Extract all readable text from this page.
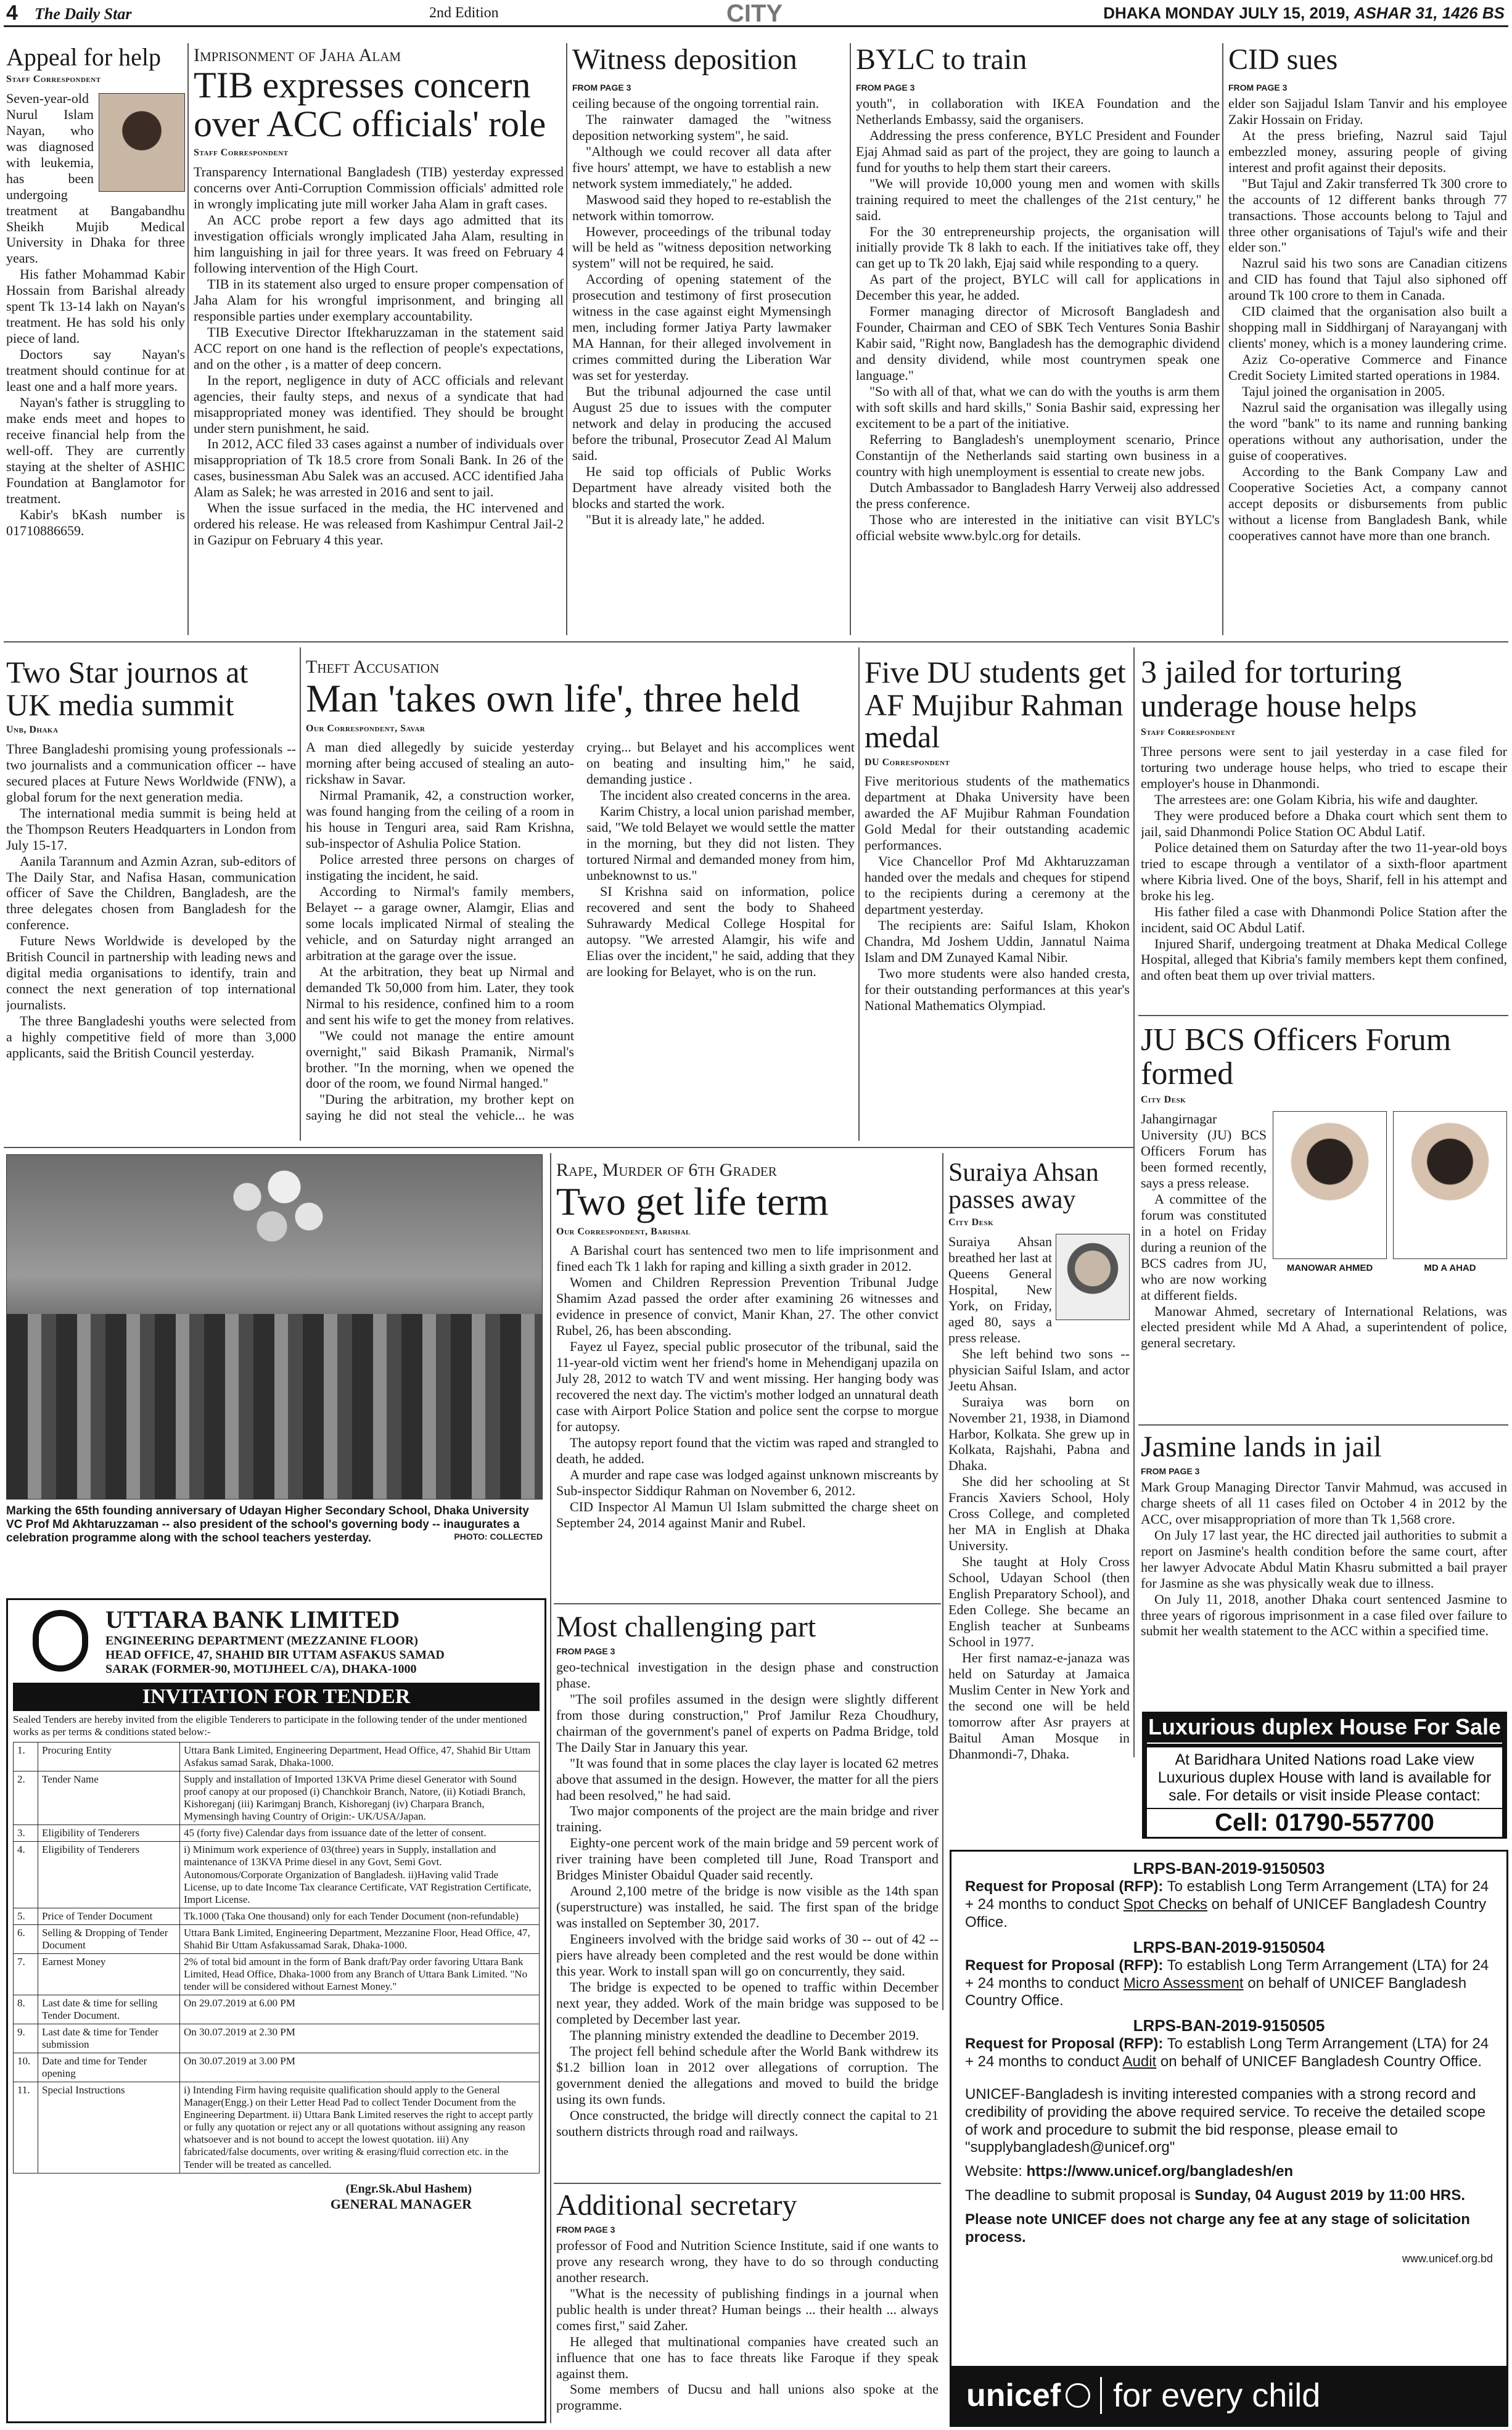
4 The Daily Star	2nd Edition	CITY	DHAKA MONDAY JULY 15, 2019, ASHAR 31, 1426 BS
Appeal for help
Staff Correspondent

Seven-year-old Nurul Islam Nayan, who was diagnosed with leukemia, has been undergoing treatment at Bangabandhu Sheikh Mujib Medical University in Dhaka for three years.

His father Mohammad Kabir Hossain from Barishal already spent Tk 13-14 lakh on Nayan's treatment. He has sold his only piece of land.

Doctors say Nayan's treatment should continue for at least one and a half more years.

Nayan's father is struggling to make ends meet and hopes to receive financial help from the well-off. They are currently staying at the shelter of ASHIC Foundation at Banglamotor for treatment.

Kabir's bKash number is 01710886659.

Imprisonment of Jaha Alam
TIB expresses concern over ACC officials' role
Staff Correspondent

Transparency International Bangladesh (TIB) yesterday expressed concerns over Anti-Corruption Commission officials' admitted role in wrongly implicating jute mill worker Jaha Alam in graft cases.

An ACC probe report a few days ago admitted that its investigation officials wrongly implicated Jaha Alam, resulting in him languishing in jail for three years. It was freed on February 4 following intervention of the High Court.

TIB in its statement also urged to ensure proper compensation of Jaha Alam for his wrongful imprisonment, and bringing all responsible parties under exemplary accountability.

TIB Executive Director Iftekharuzzaman in the statement said ACC report on one hand is the reflection of people's expectations, and on the other , is a matter of deep concern.

In the report, negligence in duty of ACC officials and relevant agencies, their faulty steps, and nexus of a syndicate that had misappropriated money was identified. They should be brought under stern punishment, he said.

In 2012, ACC filed 33 cases against a number of individuals over misappropriation of Tk 18.5 crore from Sonali Bank. In 26 of the cases, businessman Abu Salek was an accused. ACC identified Jaha Alam as Salek; he was arrested in 2016 and sent to jail.

When the issue surfaced in the media, the HC intervened and ordered his release. He was released from Kashimpur Central Jail-2 in Gazipur on February 4 this year.

Witness deposition
FROM PAGE 3

ceiling because of the ongoing torrential rain.

The rainwater damaged the "witness deposition networking system", he said.

"Although we could recover all data after five hours' attempt, we have to establish a new network system immediately," he added.

Maswood said they hoped to re-establish the network within tomorrow.

However, proceedings of the tribunal today will be held as "witness deposition networking system" will not be required, he said.

According of opening statement of the prosecution and testimony of first prosecution witness in the case against eight Mymensingh men, including former Jatiya Party lawmaker MA Hannan, for their alleged involvement in crimes committed during the Liberation War was set for yesterday.

But the tribunal adjourned the case until August 25 due to issues with the computer network and delay in producing the accused before the tribunal, Prosecutor Zead Al Malum said.

He said top officials of Public Works Department have already visited both the blocks and started the work.

"But it is already late," he added.

BYLC to train
FROM PAGE 3

youth", in collaboration with IKEA Foundation and the Netherlands Embassy, said the organisers.

Addressing the press conference, BYLC President and Founder Ejaj Ahmad said as part of the project, they are going to launch a fund for youths to help them start their careers.

"We will provide 10,000 young men and women with skills training required to meet the challenges of the 21st century," he said.

For the 30 entrepreneurship projects, the organisation will initially provide Tk 8 lakh to each. If the initiatives take off, they can get up to Tk 20 lakh, Ejaj said while responding to a query.

As part of the project, BYLC will call for applications in December this year, he added.

Former managing director of Microsoft Bangladesh and Founder, Chairman and CEO of SBK Tech Ventures Sonia Bashir Kabir said, "Right now, Bangladesh has the demographic dividend and density dividend, while most countrymen speak one language."

"So with all of that, what we can do with the youths is arm them with soft skills and hard skills," Sonia Bashir said, expressing her excitement to be a part of the initiative.

Referring to Bangladesh's unemployment scenario, Prince Constantijn of the Netherlands said starting own business in a country with high unemployment is essential to create new jobs.

Dutch Ambassador to Bangladesh Harry Verweij also addressed the press conference.

Those who are interested in the initiative can visit BYLC's official website www.bylc.org for details.

CID sues
FROM PAGE 3

elder son Sajjadul Islam Tanvir and his employee Zakir Hossain on Friday.

At the press briefing, Nazrul said Tajul embezzled money, assuring people of giving interest and profit against their deposits.

"But Tajul and Zakir transferred Tk 300 crore to the accounts of 12 different banks through 77 transactions. Those accounts belong to Tajul and three other organisations of Tajul's wife and their elder son."

Nazrul said his two sons are Canadian citizens and CID has found that Tajul also siphoned off around Tk 100 crore to them in Canada.

CID claimed that the organisation also built a shopping mall in Siddhirganj of Narayanganj with clients' money, which is a money laundering crime.

Aziz Co-operative Commerce and Finance Credit Society Limited started operations in 1984.

Tajul joined the organisation in 2005.

Nazrul said the organisation was illegally using the word "bank" to its name and running banking operations without any authorisation, under the guise of cooperatives.

According to the Bank Company Law and Cooperative Societies Act, a company cannot accept deposits or disbursements from public without a license from Bangladesh Bank, while cooperatives cannot have more than one branch.

Two Star journos at UK media summit
Unb, Dhaka

Three Bangladeshi promising young professionals -- two journalists and a communication officer -- have secured places at Future News Worldwide (FNW), a global forum for the next generation media.

The international media summit is being held at the Thompson Reuters Headquarters in London from July 15-17.

Aanila Tarannum and Azmin Azran, sub-editors of The Daily Star, and Nafisa Hasan, communication officer of Save the Children, Bangladesh, are the three delegates chosen from Bangladesh for the conference.

Future News Worldwide is developed by the British Council in partnership with leading news and digital media organisations to identify, train and connect the next generation of top international journalists.

The three Bangladeshi youths were selected from a highly competitive field of more than 3,000 applicants, said the British Council yesterday.

Theft Accusation
Man 'takes own life', three held
Our Correspondent, Savar

A man died allegedly by suicide yesterday morning after being accused of stealing an auto-rickshaw in Savar.

Nirmal Pramanik, 42, a construction worker, was found hanging from the ceiling of a room in his house in Tenguri area, said Ram Krishna, sub-inspector of Ashulia Police Station.

Police arrested three persons on charges of instigating the incident, he said.

According to Nirmal's family members, Belayet -- a garage owner, Alamgir, Elias and some locals implicated Nirmal of stealing the vehicle, and on Saturday night arranged an arbitration at the garage over the issue.

At the arbitration, they beat up Nirmal and demanded Tk 50,000 from him. Later, they took Nirmal to his residence, confined him to a room and sent his wife to get the money from relatives.

"We could not manage the entire amount overnight," said Bikash Pramanik, Nirmal's brother. "In the morning, when we opened the door of the room, we found Nirmal hanged."

"During the arbitration, my brother kept on saying he did not steal the vehicle... he was crying... but Belayet and his accomplices went on beating and insulting him," he said, demanding justice .

The incident also created concerns in the area.

Karim Chistry, a local union parishad member, said, "We told Belayet we would settle the matter in the morning, but they did not listen. They tortured Nirmal and demanded money from him, unbeknownst to us."

SI Krishna said on information, police recovered and sent the body to Shaheed Suhrawardy Medical College Hospital for autopsy. "We arrested Alamgir, his wife and Elias over the incident," he said, adding that they are looking for Belayet, who is on the run.

Five DU students get AF Mujibur Rahman medal
DU Correspondent

Five meritorious students of the mathematics department at Dhaka University have been awarded the AF Mujibur Rahman Foundation Gold Medal for their outstanding academic performances.

Vice Chancellor Prof Md Akhtaruzzaman handed over the medals and cheques for stipend to the recipients during a ceremony at the department yesterday.

The recipients are: Saiful Islam, Khokon Chandra, Md Joshem Uddin, Jannatul Naima Islam and DM Zunayed Kamal Nibir.

Two more students were also handed cresta, for their outstanding performances at this year's National Mathematics Olympiad.

3 jailed for torturing underage house helps
Staff Correspondent

Three persons were sent to jail yesterday in a case filed for torturing two underage house helps, who tried to escape their employer's house in Dhanmondi.

The arrestees are: one Golam Kibria, his wife and daughter.

They were produced before a Dhaka court which sent them to jail, said Dhanmondi Police Station OC Abdul Latif.

Police detained them on Saturday after the two 11-year-old boys tried to escape through a ventilator of a sixth-floor apartment where Kibria lived. One of the boys, Sharif, fell in his attempt and broke his leg.

His father filed a case with Dhanmondi Police Station after the incident, said OC Abdul Latif.

Injured Sharif, undergoing treatment at Dhaka Medical College Hospital, alleged that Kibria's family members kept them confined, and often beat them up over trivial matters.

JU BCS Officers Forum formed
City Desk
MANOWAR AHMED	MD A AHAD

Jahangirnagar University (JU) BCS Officers Forum has been formed recently, says a press release.

A committee of the forum was constituted in a hotel on Friday during a reunion of the BCS cadres from JU, who are now working at different fields.

Manowar Ahmed, secretary of International Relations, was elected president while Md A Ahad, a superintendent of police, general secretary.

Marking the 65th founding anniversary of Udayan Higher Secondary School, Dhaka University VC Prof Md Akhtaruzzaman -- also president of the school's governing body -- inaugurates a celebration programme along with the school teachers yesterday.	PHOTO: COLLECTED
UTTARA BANK LIMITED
ENGINEERING DEPARTMENT (MEZZANINE FLOOR)
HEAD OFFICE, 47, SHAHID BIR UTTAM ASFAKUS SAMAD
SARAK (FORMER-90, MOTIJHEEL C/A), DHAKA-1000
INVITATION FOR TENDER
Sealed Tenders are hereby invited from the eligible Tenderers to participate in the following tender of the under mentioned works as per terms & conditions stated below:-
1.	Procuring Entity	Uttara Bank Limited, Engineering Department, Head Office, 47, Shahid Bir Uttam Asfakus samad Sarak, Dhaka-1000.
2.	Tender Name	Supply and installation of Imported 13KVA Prime diesel Generator with Sound proof canopy at our proposed (i) Chanchkoir Branch, Natore, (ii) Kotiadi Branch, Kishoreganj (iii) Karimganj Branch, Kishoreganj (iv) Charpara Branch, Mymensingh having Country of Origin:- UK/USA/Japan.
3.	Eligibility of Tenderers	45 (forty five) Calendar days from issuance date of the letter of consent.
4.	Eligibility of Tenderers	i) Minimum work experience of 03(three) years in Supply, installation and maintenance of 13KVA Prime diesel in any Govt, Semi Govt. Autonomous/Corporate Organization of Bangladesh. ii)Having valid Trade License, up to date Income Tax clearance Certificate, VAT Registration Certificate, Import License.
5.	Price of Tender Document	Tk.1000 (Taka One thousand) only for each Tender Document (non-refundable)
6.	Selling & Dropping of Tender Document	Uttara Bank Limited, Engineering Department, Mezzanine Floor, Head Office, 47, Shahid Bir Uttam Asfakussamad Sarak, Dhaka-1000.
7.	Earnest Money	2% of total bid amount in the form of Bank draft/Pay order favoring Uttara Bank Limited, Head Office, Dhaka-1000 from any Branch of Uttara Bank Limited. "No tender will be considered without Earnest Money."
8.	Last date & time for selling Tender Document.	On 29.07.2019 at 6.00 PM
9.	Last date & time for Tender submission	On 30.07.2019 at 2.30 PM
10.	Date and time for Tender opening	On 30.07.2019 at 3.00 PM
11.	Special Instructions	i) Intending Firm having requisite qualification should apply to the General Manager(Engg.) on their Letter Head Pad to collect Tender Document from the Engineering Department. ii) Uttara Bank Limited reserves the right to accept partly or fully any quotation or reject any or all quotations without assigning any reason whatsoever and is not bound to accept the lowest quotation. iii) Any fabricated/false documents, over writing & erasing/fluid correction etc. in the Tender will be treated as cancelled.
(Engr.Sk.Abul Hashem)
GENERAL MANAGER
Rape, Murder of 6th Grader
Two get life term
Our Correspondent, Barishal

A Barishal court has sentenced two men to life imprisonment and fined each Tk 1 lakh for raping and killing a sixth grader in 2012.

Women and Children Repression Prevention Tribunal Judge Shamim Azad passed the order after examining 26 witnesses and evidence in presence of convict, Manir Khan, 27. The other convict Rubel, 26, has been absconding.

Fayez ul Fayez, special public prosecutor of the tribunal, said the 11-year-old victim went her friend's home in Mehendiganj upazila on July 28, 2012 to watch TV and went missing. Her hanging body was recovered the next day. The victim's mother lodged an unnatural death case with Airport Police Station and police sent the corpse to morgue for autopsy.

The autopsy report found that the victim was raped and strangled to death, he added.

A murder and rape case was lodged against unknown miscreants by Sub-inspector Siddiqur Rahman on November 6, 2012.

CID Inspector Al Mamun Ul Islam submitted the charge sheet on September 24, 2014 against Manir and Rubel.

Suraiya Ahsan passes away
City Desk

Suraiya Ahsan breathed her last at Queens General Hospital, New York, on Friday, aged 80, says a press release.

She left behind two sons -- physician Saiful Islam, and actor Jeetu Ahsan.

Suraiya was born on November 21, 1938, in Diamond Harbor, Kolkata. She grew up in Kolkata, Rajshahi, Pabna and Dhaka.

She did her schooling at St Francis Xaviers School, Holy Cross College, and completed her MA in English at Dhaka University.

She taught at Holy Cross School, Udayan School (then English Preparatory School), and Eden College. She became an English teacher at Sunbeams School in 1977.

Her first namaz-e-janaza was held on Saturday at Jamaica Muslim Center in New York and the second one will be held tomorrow after Asr prayers at Baitul Aman Mosque in Dhanmondi-7, Dhaka.

Most challenging part
FROM PAGE 3

geo-technical investigation in the design phase and construction phase.

"The soil profiles assumed in the design were slightly different from those during construction," Prof Jamilur Reza Choudhury, chairman of the government's panel of experts on Padma Bridge, told The Daily Star in January this year.

"It was found that in some places the clay layer is located 62 metres above that assumed in the design. However, the matter for all the piers had been resolved," he had said.

Two major components of the project are the main bridge and river training.

Eighty-one percent work of the main bridge and 59 percent work of river training have been completed till June, Road Transport and Bridges Minister Obaidul Quader said recently.

Around 2,100 metre of the bridge is now visible as the 14th span (superstructure) was installed, he said. The first span of the bridge was installed on September 30, 2017.

Engineers involved with the bridge said works of 30 -- out of 42 -- piers have already been completed and the rest would be done within this year. Work to install span will go on concurrently, they said.

The bridge is expected to be opened to traffic within December next year, they added. Work of the main bridge was supposed to be completed by December last year.

The planning ministry extended the deadline to December 2019.

The project fell behind schedule after the World Bank withdrew its $1.2 billion loan in 2012 over allegations of corruption. The government denied the allegations and moved to build the bridge using its own funds.

Once constructed, the bridge will directly connect the capital to 21 southern districts through road and railways.

Additional secretary
FROM PAGE 3

professor of Food and Nutrition Science Institute, said if one wants to prove any research wrong, they have to do so through conducting another research.

"What is the necessity of publishing findings in a journal when public health is under threat? Human beings ... their health ... always comes first," said Zaher.

He alleged that multinational companies have created such an influence that one has to face threats like Faroque if they speak against them.

Some members of Ducsu and hall unions also spoke at the programme.

Jasmine lands in jail
FROM PAGE 3

Mark Group Managing Director Tanvir Mahmud, was accused in charge sheets of all 11 cases filed on October 4 in 2012 by the ACC, over misappropriation of more than Tk 1,568 crore.

On July 17 last year, the HC directed jail authorities to submit a report on Jasmine's health condition before the same court, after her lawyer Advocate Abdul Matin Khasru submitted a bail prayer for Jasmine as she was physically weak due to illness.

On July 11, 2018, another Dhaka court sentenced Jasmine to three years of rigorous imprisonment in a case filed over failure to submit her wealth statement to the ACC within a specified time.

Luxurious duplex House For Sale
At Baridhara United Nations road Lake view Luxurious duplex House with land is available for sale. For details or visit inside Please contact:
Cell: 01790-557700
LRPS-BAN-2019-9150503
Request for Proposal (RFP): To establish Long Term Arrangement (LTA) for 24 + 24 months to conduct Spot Checks on behalf of UNICEF Bangladesh Country Office.
LRPS-BAN-2019-9150504
Request for Proposal (RFP): To establish Long Term Arrangement (LTA) for 24 + 24 months to conduct Micro Assessment on behalf of UNICEF Bangladesh Country Office.
LRPS-BAN-2019-9150505
Request for Proposal (RFP): To establish Long Term Arrangement (LTA) for 24 + 24 months to conduct Audit on behalf of UNICEF Bangladesh Country Office.
UNICEF-Bangladesh is inviting interested companies with a strong record and credibility of providing the above required service. To receive the detailed scope of work and procedure to submit the bid response, please email to "supplybangladesh@unicef.org"
Website: https://www.unicef.org/bangladesh/en
The deadline to submit proposal is Sunday, 04 August 2019 by 11:00 HRS.
Please note UNICEF does not charge any fee at any stage of solicitation process.
www.unicef.org.bd
unicef for every child
